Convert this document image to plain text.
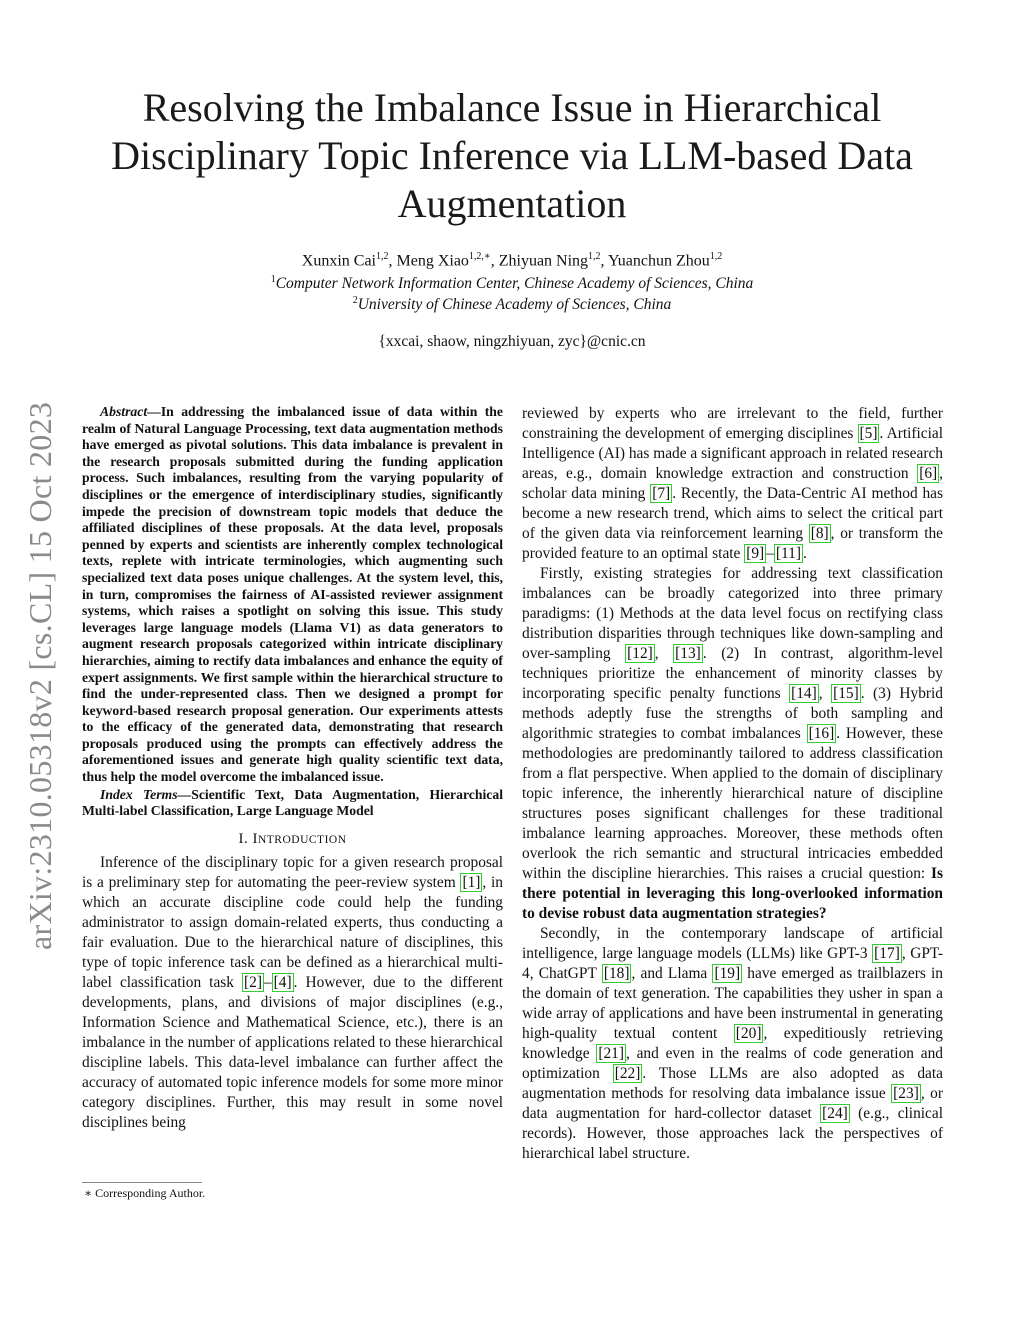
arXiv:2310.05318v2 [cs.CL] 15 Oct 2023
Resolving the Imbalance Issue in Hierarchical Disciplinary Topic Inference via LLM-based Data Augmentation
Xunxin Cai$^{1,2}$, Meng Xiao$^{1,2,∗}$, Zhiyuan Ning$^{1,2}$, Yuanchun Zhou$^{1,2}$
$^1$Computer Network Information Center, Chinese Academy of Sciences, China
$^2$University of Chinese Academy of Sciences, China
{xxcai, shaow, ningzhiyuan, zyc}@cnic.cn

Abstract—In addressing the imbalanced issue of data within the realm of Natural Language Processing, text data augmentation methods have emerged as pivotal solutions. This data imbalance is prevalent in the research proposals submitted during the funding application process. Such imbalances, resulting from the varying popularity of disciplines or the emergence of interdisciplinary studies, significantly impede the precision of downstream topic models that deduce the affiliated disciplines of these proposals. At the data level, proposals penned by experts and scientists are inherently complex technological texts, replete with intricate terminologies, which augmenting such specialized text data poses unique challenges. At the system level, this, in turn, compromises the fairness of AI-assisted reviewer assignment systems, which raises a spotlight on solving this issue. This study leverages large language models (Llama V1) as data generators to augment research proposals categorized within intricate disciplinary hierarchies, aiming to rectify data imbalances and enhance the equity of expert assignments. We first sample within the hierarchical structure to find the under-represented class. Then we designed a prompt for keyword-based research proposal generation. Our experiments attests to the efficacy of the generated data, demonstrating that research proposals produced using the prompts can effectively address the aforementioned issues and generate high quality scientific text data, thus help the model overcome the imbalanced issue.

Index Terms—Scientific Text, Data Augmentation, Hierarchical Multi-label Classification, Large Language Model

I. INTRODUCTION

Inference of the disciplinary topic for a given research proposal is a preliminary step for automating the peer-review system [1] , in which an accurate discipline code could help the funding administrator to assign domain-related experts, thus conducting a fair evaluation. Due to the hierarchical nature of disciplines, this type of topic inference task can be defined as a hierarchical multi-label classification task [2] – [4] . However, due to the different developments, plans, and divisions of major disciplines (e.g., Information Science and Mathematical Science, etc.), there is an imbalance in the number of applications related to these hierarchical discipline labels. This data-level imbalance can further affect the accuracy of automated topic inference models for some more minor category disciplines. Further, this may result in some novel disciplines being

reviewed by experts who are irrelevant to the field, further constraining the development of emerging disciplines [5] . Artificial Intelligence (AI) has made a significant approach in related research areas, e.g., domain knowledge extraction and construction [6] , scholar data mining [7] . Recently, the Data-Centric AI method has become a new research trend, which aims to select the critical part of the given data via reinforcement learning [8] , or transform the provided feature to an optimal state [9] – [11] .

Firstly, existing strategies for addressing text classification imbalances can be broadly categorized into three primary paradigms: (1) Methods at the data level focus on rectifying class distribution disparities through techniques like down-sampling and over-sampling [12] , [13] . (2) In contrast, algorithm-level techniques prioritize the enhancement of minority classes by incorporating specific penalty functions [14] , [15] . (3) Hybrid methods adeptly fuse the strengths of both sampling and algorithmic strategies to combat imbalances [16] . However, these methodologies are predominantly tailored to address classification from a flat perspective. When applied to the domain of disciplinary topic inference, the inherently hierarchical nature of discipline structures poses significant challenges for these traditional imbalance learning approaches. Moreover, these methods often overlook the rich semantic and structural intricacies embedded within the discipline hierarchies. This raises a crucial question: Is there potential in leveraging this long-overlooked information to devise robust data augmentation strategies?

Secondly, in the contemporary landscape of artificial intelligence, large language models (LLMs) like GPT-3 [17] , GPT-4, ChatGPT [18] , and Llama [19] have emerged as trailblazers in the domain of text generation. The capabilities they usher in span a wide array of applications and have been instrumental in generating high-quality textual content [20] , expeditiously retrieving knowledge [21] , and even in the realms of code generation and optimization [22] . Those LLMs are also adopted as data augmentation methods for resolving data imbalance issue [23] , or data augmentation for hard-collector dataset [24] (e.g., clinical records). However, those approaches lack the perspectives of hierarchical label structure.

∗ Corresponding Author.
